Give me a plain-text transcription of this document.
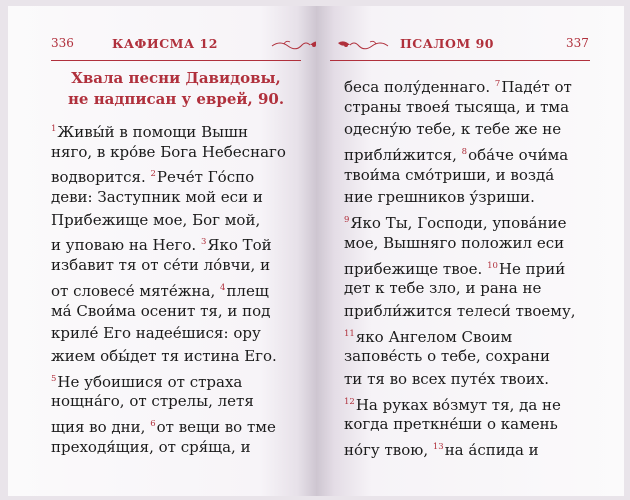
336	КАФИСМА 12
Хвала песни Давидовы,
не надписан у еврей, 90.
$^1$Живы́й в помощи Вышн
няго, в кро́ве Бога Небеснаго
водворится. $^2$Рече́т Го́спо
деви: Заступник мой еси и
Прибежище мое, Бог мой,
и уповаю на Него. $^3$Яко Той
избавит тя от се́ти ло́вчи, и
от словесе́ мяте́жна, $^4$плещ
ма́ Свои́ма осенит тя, и под
криле́ Его надее́шися: ору
жием обы́дет тя истина Его.
$^5$Не убоишися от страха
нощна́го, от стрелы, летя
щия во дни, $^6$от вещи во тме
преходя́щия, от сря́ща, и
ПСАЛОМ 90	337
беса полу́деннаго. $^7$Паде́т от
страны твоея́ тысяща, и тма
одесну́ю тебе, к тебе же не
прибли́жится, $^8$оба́че очи́ма
твои́ма смо́триши, и возда́
ние грешников у́зриши.
$^9$Яко Ты, Господи, упова́ние
мое, Вышняго положил еси
прибежище твое. $^{10}$Не прии́
дет к тебе зло, и рана не
прибли́жится телеси́ твоему,
$^{11}$яко Ангелом Своим
запове́сть о тебе, сохрани
ти тя во всех путе́х твоих.
$^{12}$На руках во́змут тя, да не
когда преткне́ши о камень
но́гу твою, $^{13}$на а́спида и
